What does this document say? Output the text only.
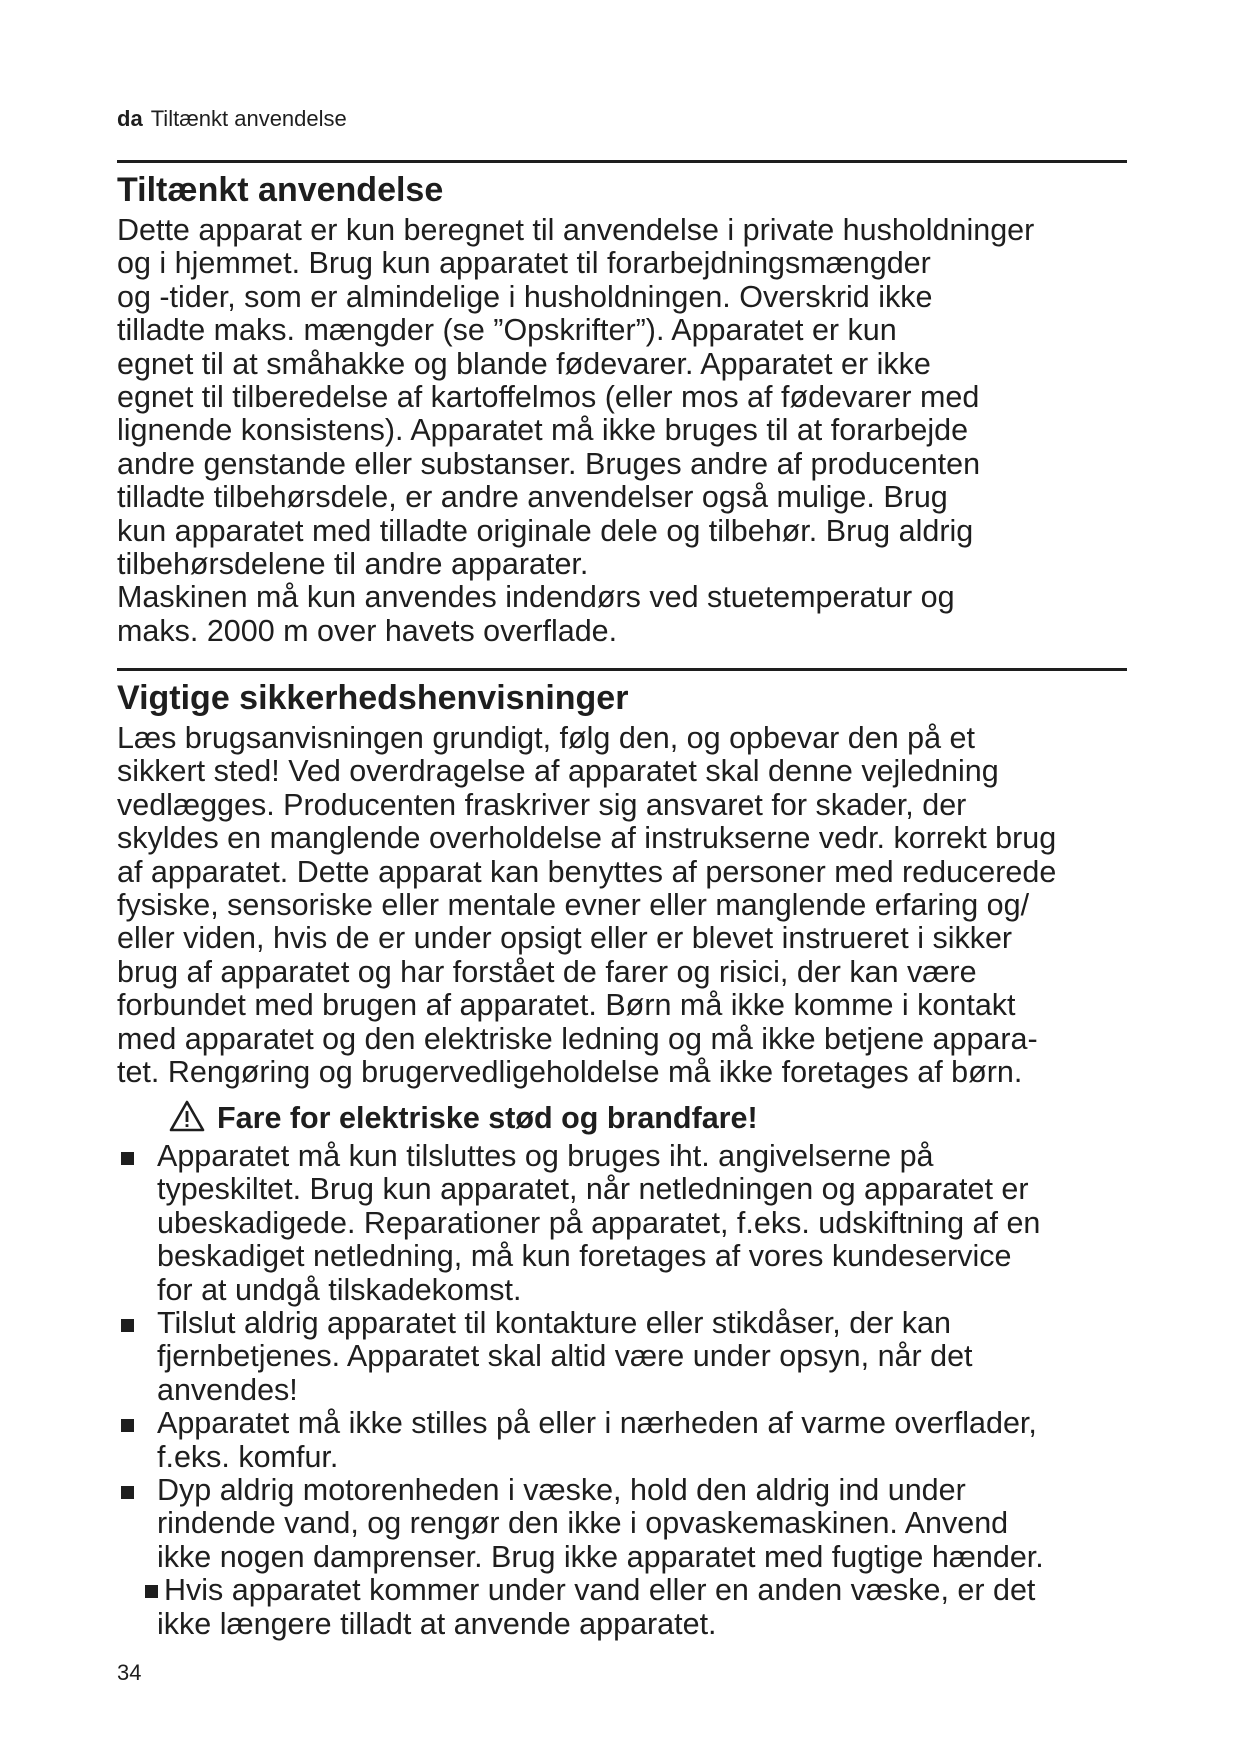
da Tiltænkt anvendelse
Tiltænkt anvendelse
Dette apparat er kun beregnet til anvendelse i private husholdninger
og i hjemmet. Brug kun apparatet til forarbejdningsmængder
og -tider, som er almindelige i husholdningen. Overskrid ikke
tilladte maks. mængder (se ”Opskrifter”). Apparatet er kun
egnet til at småhakke og blande fødevarer. Apparatet er ikke
egnet til tilberedelse af kartoffelmos (eller mos af fødevarer med
lignende konsistens). Apparatet må ikke bruges til at forarbejde
andre genstande eller substanser. Bruges andre af producenten
tilladte tilbehørsdele, er andre anvendelser også mulige. Brug
kun apparatet med tilladte originale dele og tilbehør. Brug aldrig
tilbehørsdelene til andre apparater.
Maskinen må kun anvendes indendørs ved stuetemperatur og
maks. 2000 m over havets overflade.
Vigtige sikkerhedshenvisninger
Læs brugsanvisningen grundigt, følg den, og opbevar den på et
sikkert sted! Ved overdragelse af apparatet skal denne vejledning
vedlægges. Producenten fraskriver sig ansvaret for skader, der
skyldes en manglende overholdelse af instrukserne vedr. korrekt brug
af apparatet. Dette apparat kan benyttes af personer med reducerede
fysiske, sensoriske eller mentale evner eller manglende erfaring og/
eller viden, hvis de er under opsigt eller er blevet instrueret i sikker
brug af apparatet og har forstået de farer og risici, der kan være
forbundet med brugen af apparatet. Børn må ikke komme i kontakt
med apparatet og den elektriske ledning og må ikke betjene appara-
tet. Rengøring og brugervedligeholdelse må ikke foretages af børn.
Fare for elektriske stød og brandfare!
Apparatet må kun tilsluttes og bruges iht. angivelserne på
typeskiltet. Brug kun apparatet, når netledningen og apparatet er
ubeskadigede. Reparationer på apparatet, f.eks. udskiftning af en
beskadiget netledning, må kun foretages af vores kundeservice
for at undgå tilskadekomst.
Tilslut aldrig apparatet til kontakture eller stikdåser, der kan
fjernbetjenes. Apparatet skal altid være under opsyn, når det
anvendes!
Apparatet må ikke stilles på eller i nærheden af varme overflader,
f.eks. komfur.
Dyp aldrig motorenheden i væske, hold den aldrig ind under
rindende vand, og rengør den ikke i opvaskemaskinen. Anvend
ikke nogen damprenser. Brug ikke apparatet med fugtige hænder.
Hvis apparatet kommer under vand eller en anden væske, er det
ikke længere tilladt at anvende apparatet.
34
